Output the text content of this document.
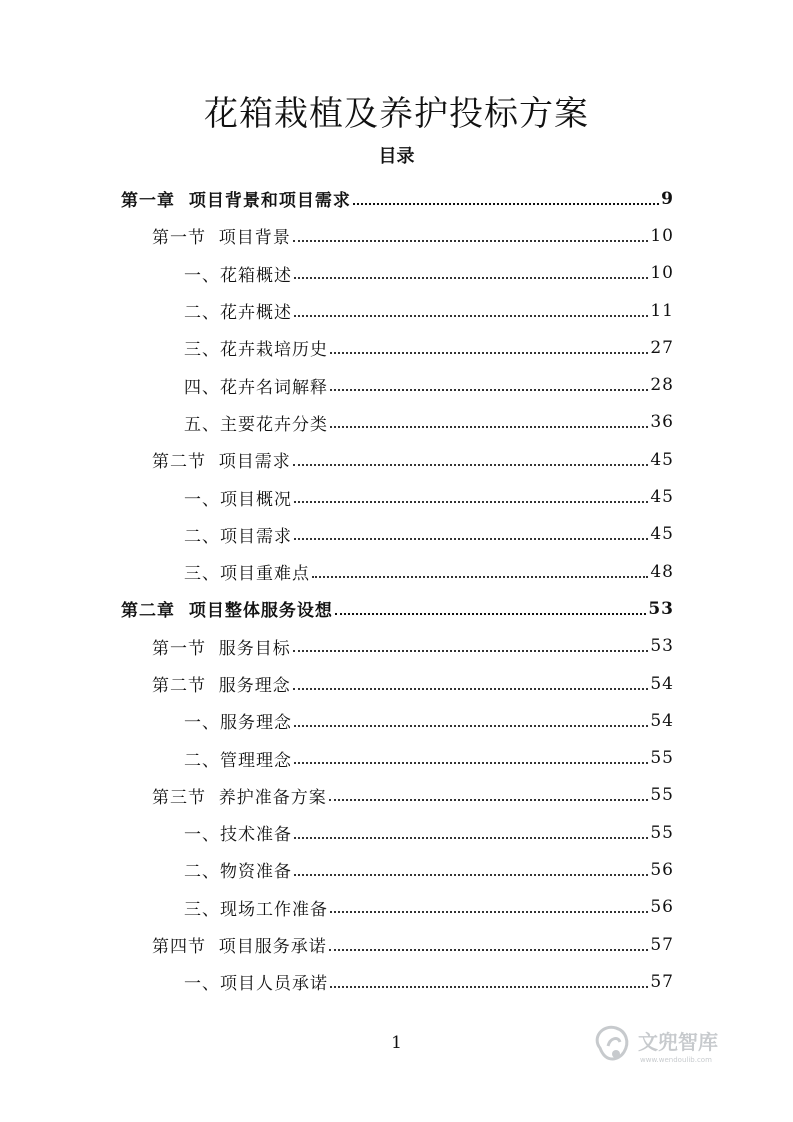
花箱栽植及养护投标方案
目录
第一章  项目背景和项目需求	9
第一节  项目背景	10
一、花箱概述	10
二、花卉概述	11
三、花卉栽培历史	27
四、花卉名词解释	28
五、主要花卉分类	36
第二节  项目需求	45
一、项目概况	45
二、项目需求	45
三、项目重难点	48
第二章  项目整体服务设想	53
第一节  服务目标	53
第二节  服务理念	54
一、服务理念	54
二、管理理念	55
第三节  养护准备方案	55
一、技术准备	55
二、物资准备	56
三、现场工作准备	56
第四节  项目服务承诺	57
一、项目人员承诺	57
1	文兜智库
www.wendoulib.com
